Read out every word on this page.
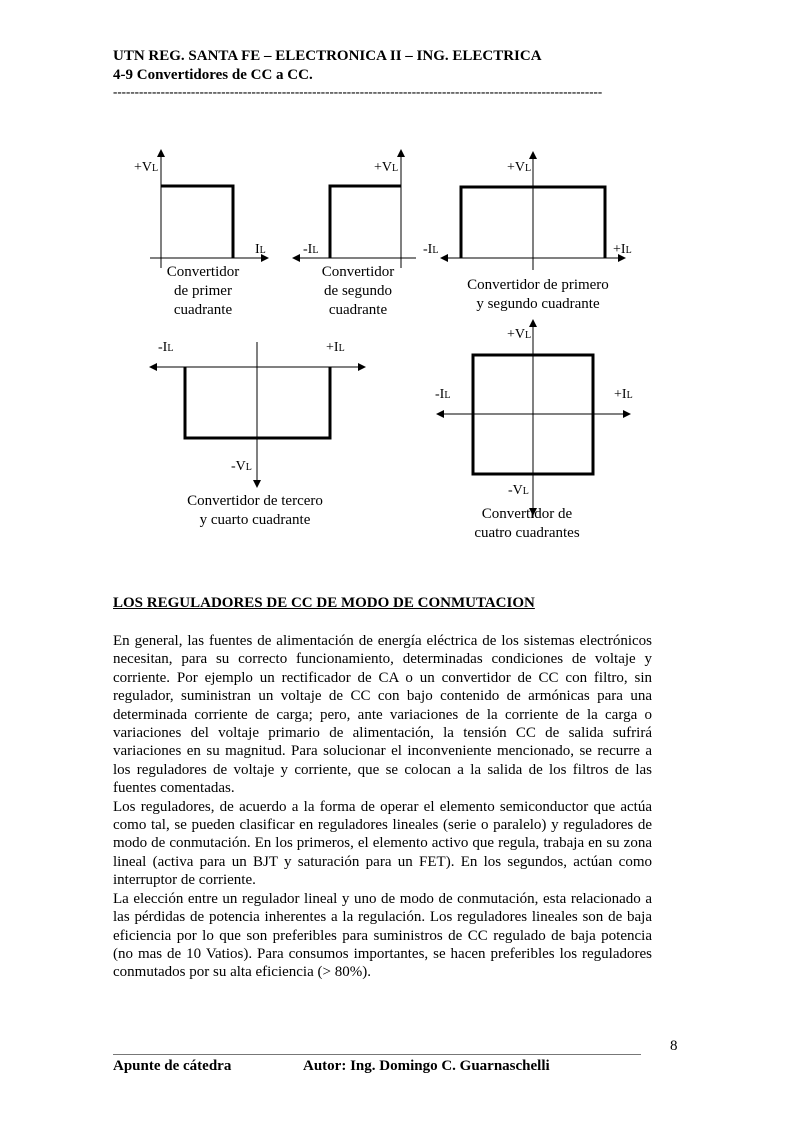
UTN REG. SANTA FE – ELECTRONICA II – ING. ELECTRICA
4-9 Convertidores de CC a CC.
-----------------------------------------------------------------------------------------------------------------
+VL
IL
+VL
-IL
+VL
-IL	+IL
-IL	+IL
-VL
+VL
-IL	+IL
-VL
Convertidor
de primer
cuadrante
Convertidor
de segundo
cuadrante
Convertidor de primero
y segundo cuadrante
Convertidor de tercero
y cuarto cuadrante	Convertidor de
cuatro cuadrantes
LOS REGULADORES DE CC DE MODO DE CONMUTACION

En general, las fuentes de alimentación de energía eléctrica de los sistemas electrónicos necesitan, para su correcto funcionamiento, determinadas condiciones de voltaje y corriente. Por ejemplo un rectificador de CA o un convertidor de CC con filtro, sin regulador, suministran un voltaje de CC con bajo contenido de armónicas para una determinada corriente de carga; pero, ante variaciones de la corriente de la carga o variaciones del voltaje primario de alimentación, la tensión CC de salida sufrirá variaciones en su magnitud. Para solucionar el inconveniente mencionado, se recurre a los reguladores de voltaje y corriente, que se colocan a la salida de los filtros de las fuentes comentadas.

Los reguladores, de acuerdo a la forma de operar el elemento semiconductor que actúa como tal, se pueden clasificar en reguladores lineales (serie o paralelo) y reguladores de modo de conmutación. En los primeros, el elemento activo que regula, trabaja en su zona lineal (activa para un BJT y saturación para un FET). En los segundos, actúan como interruptor de corriente.

La elección entre un regulador lineal y uno de modo de conmutación, esta relacionado a las pérdidas de potencia inherentes a la regulación. Los reguladores lineales son de baja eficiencia por lo que son preferibles para suministros de CC regulado de baja potencia (no mas de 10 Vatios). Para consumos importantes, se hacen preferibles los reguladores conmutados por su alta eficiencia (> 80%).

8
Apunte de cátedra	Autor: Ing. Domingo C. Guarnaschelli
